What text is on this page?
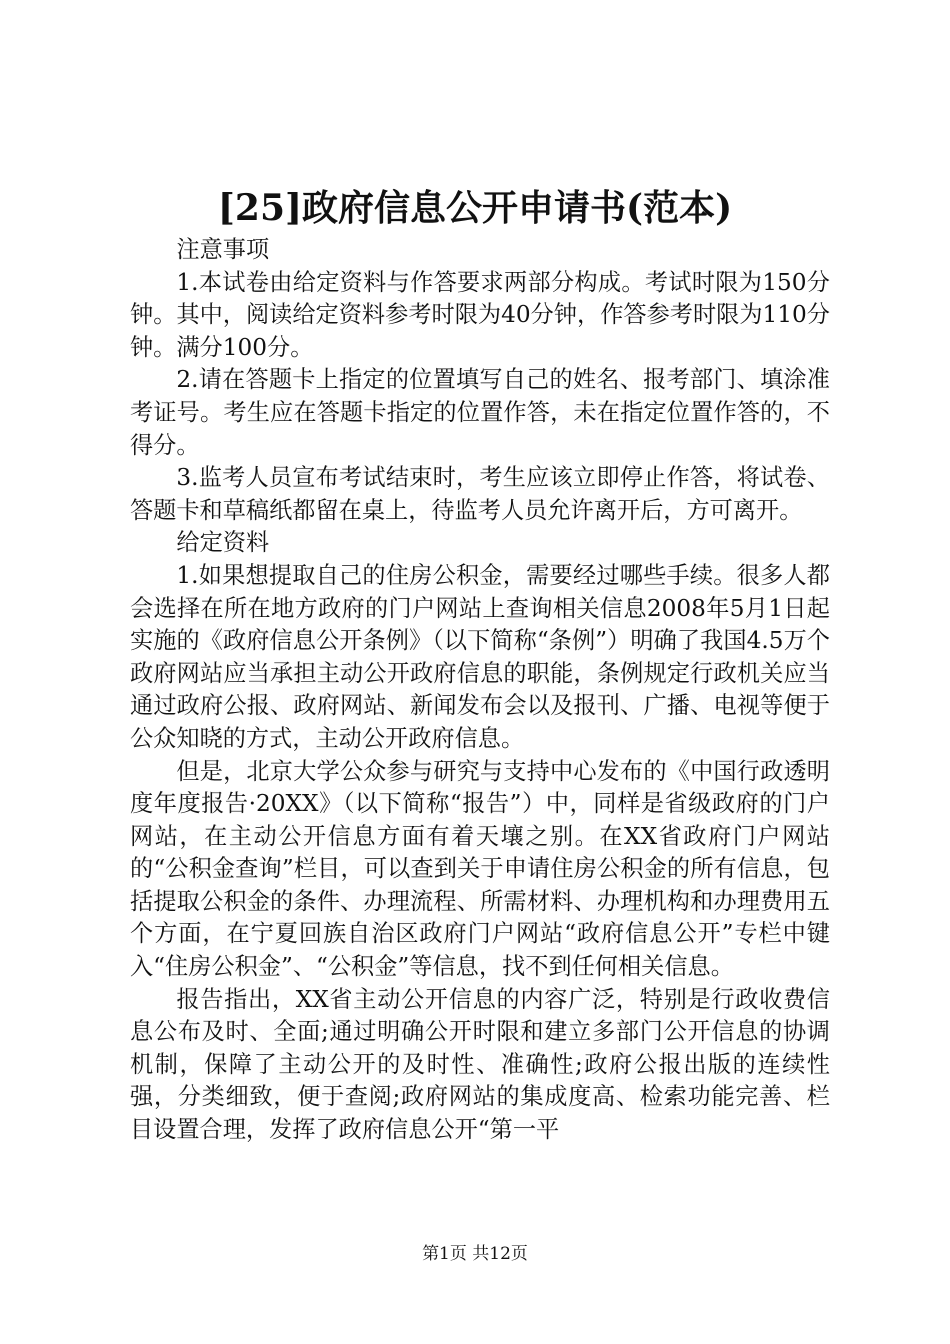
[25]政府信息公开申请书(范本)

注意事项

1.本试卷由给定资料与作答要求两部分构成。考试时限为150分钟。其中，阅读给定资料参考时限为40分钟，作答参考时限为110分钟。满分100分。

2.请在答题卡上指定的位置填写自己的姓名、报考部门、填涂准考证号。考生应在答题卡指定的位置作答，未在指定位置作答的，不得分。

3.监考人员宣布考试结束时，考生应该立即停止作答，将试卷、答题卡和草稿纸都留在桌上，待监考人员允许离开后，方可离开。

给定资料

1.如果想提取自己的住房公积金，需要经过哪些手续。很多人都会选择在所在地方政府的门户网站上查询相关信息2008年5月1日起实施的《政府信息公开条例》（以下简称“条例”）明确了我国4.5万个政府网站应当承担主动公开政府信息的职能，条例规定行政机关应当通过政府公报、政府网站、新闻发布会以及报刊、广播、电视等便于公众知晓的方式，主动公开政府信息。

但是，北京大学公众参与研究与支持中心发布的《中国行政透明度年度报告·20XX》（以下简称“报告”）中，同样是省级政府的门户网站，在主动公开信息方面有着天壤之别。在XX省政府门户网站的“公积金查询”栏目，可以查到关于申请住房公积金的所有信息，包括提取公积金的条件、办理流程、所需材料、办理机构和办理费用五个方面，在宁夏回族自治区政府门户网站“政府信息公开”专栏中键入“住房公积金”、“公积金”等信息，找不到任何相关信息。

报告指出，XX省主动公开信息的内容广泛，特别是行政收费信息公布及时、全面;通过明确公开时限和建立多部门公开信息的协调机制，保障了主动公开的及时性、准确性;政府公报出版的连续性强，分类细致，便于查阅;政府网站的集成度高、检索功能完善、栏目设置合理，发挥了政府信息公开“第一平

第1页 共12页
